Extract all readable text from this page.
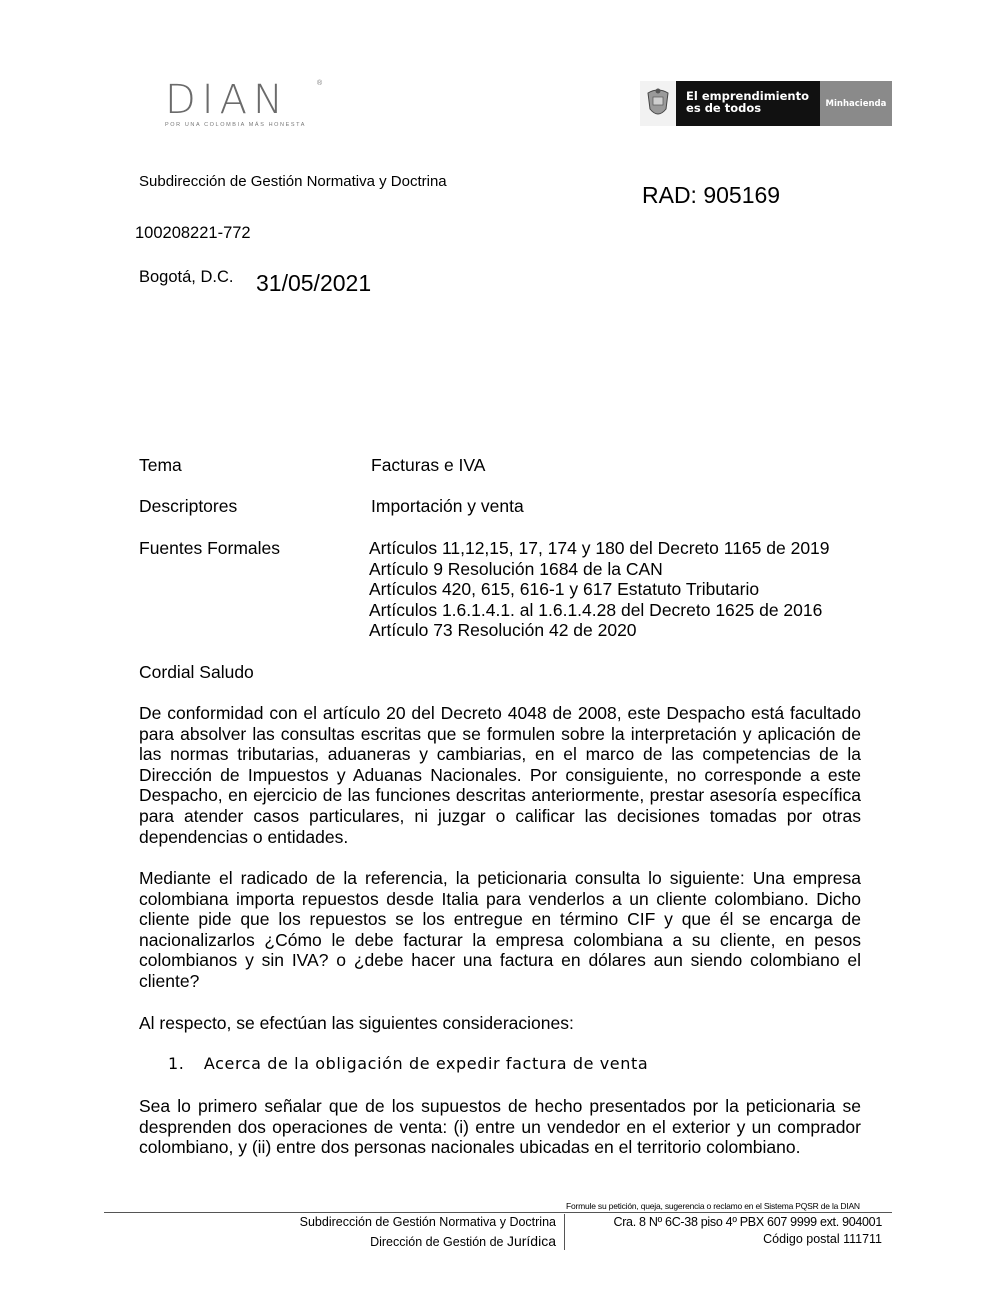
DIAN	®
POR UNA COLOMBIA MÁS HONESTA
El emprendimiento
es de todos	Minhacienda
Subdirección de Gestión Normativa y Doctrina
RAD: 905169
100208221-772
Bogotá, D.C. 31/05/2021
Tema	Facturas e IVA
Descriptores	Importación y venta
Fuentes Formales	Artículos 11,12,15, 17, 174 y 180 del Decreto 1165 de 2019
Artículo 9 Resolución 1684 de la CAN
Artículos 420, 615, 616-1 y 617 Estatuto Tributario
Artículos 1.6.1.4.1. al 1.6.1.4.28 del Decreto 1625 de 2016
Artículo 73 Resolución 42 de 2020
Cordial Saludo
De conformidad con el artículo 20 del Decreto 4048 de 2008, este Despacho está facultado para absolver las consultas escritas que se formulen sobre la interpretación y aplicación de las normas tributarias, aduaneras y cambiarias, en el marco de las competencias de la Dirección de Impuestos y Aduanas Nacionales. Por consiguiente, no corresponde a este Despacho, en ejercicio de las funciones descritas anteriormente, prestar asesoría específica para atender casos particulares, ni juzgar o calificar las decisiones tomadas por otras dependencias o entidades.
Mediante el radicado de la referencia, la peticionaria consulta lo siguiente: Una empresa colombiana importa repuestos desde Italia para venderlos a un cliente colombiano. Dicho cliente pide que los repuestos se los entregue en término CIF y que él se encarga de nacionalizarlos ¿Cómo le debe facturar la empresa colombiana a su cliente, en pesos colombianos y sin IVA? o ¿debe hacer una factura en dólares aun siendo colombiano el cliente?
Al respecto, se efectúan las siguientes consideraciones:
1. Acerca de la obligación de expedir factura de venta
Sea lo primero señalar que de los supuestos de hecho presentados por la peticionaria se desprenden dos operaciones de venta: (i) entre un vendedor en el exterior y un comprador colombiano, y (ii) entre dos personas nacionales ubicadas en el territorio colombiano.
Formule su petición, queja, sugerencia o reclamo en el Sistema PQSR de la DIAN
Subdirección de Gestión Normativa y Doctrina
Dirección de Gestión de Jurídica
Cra. 8 Nº 6C-38 piso 4º PBX 607 9999 ext. 904001
Código postal 111711
